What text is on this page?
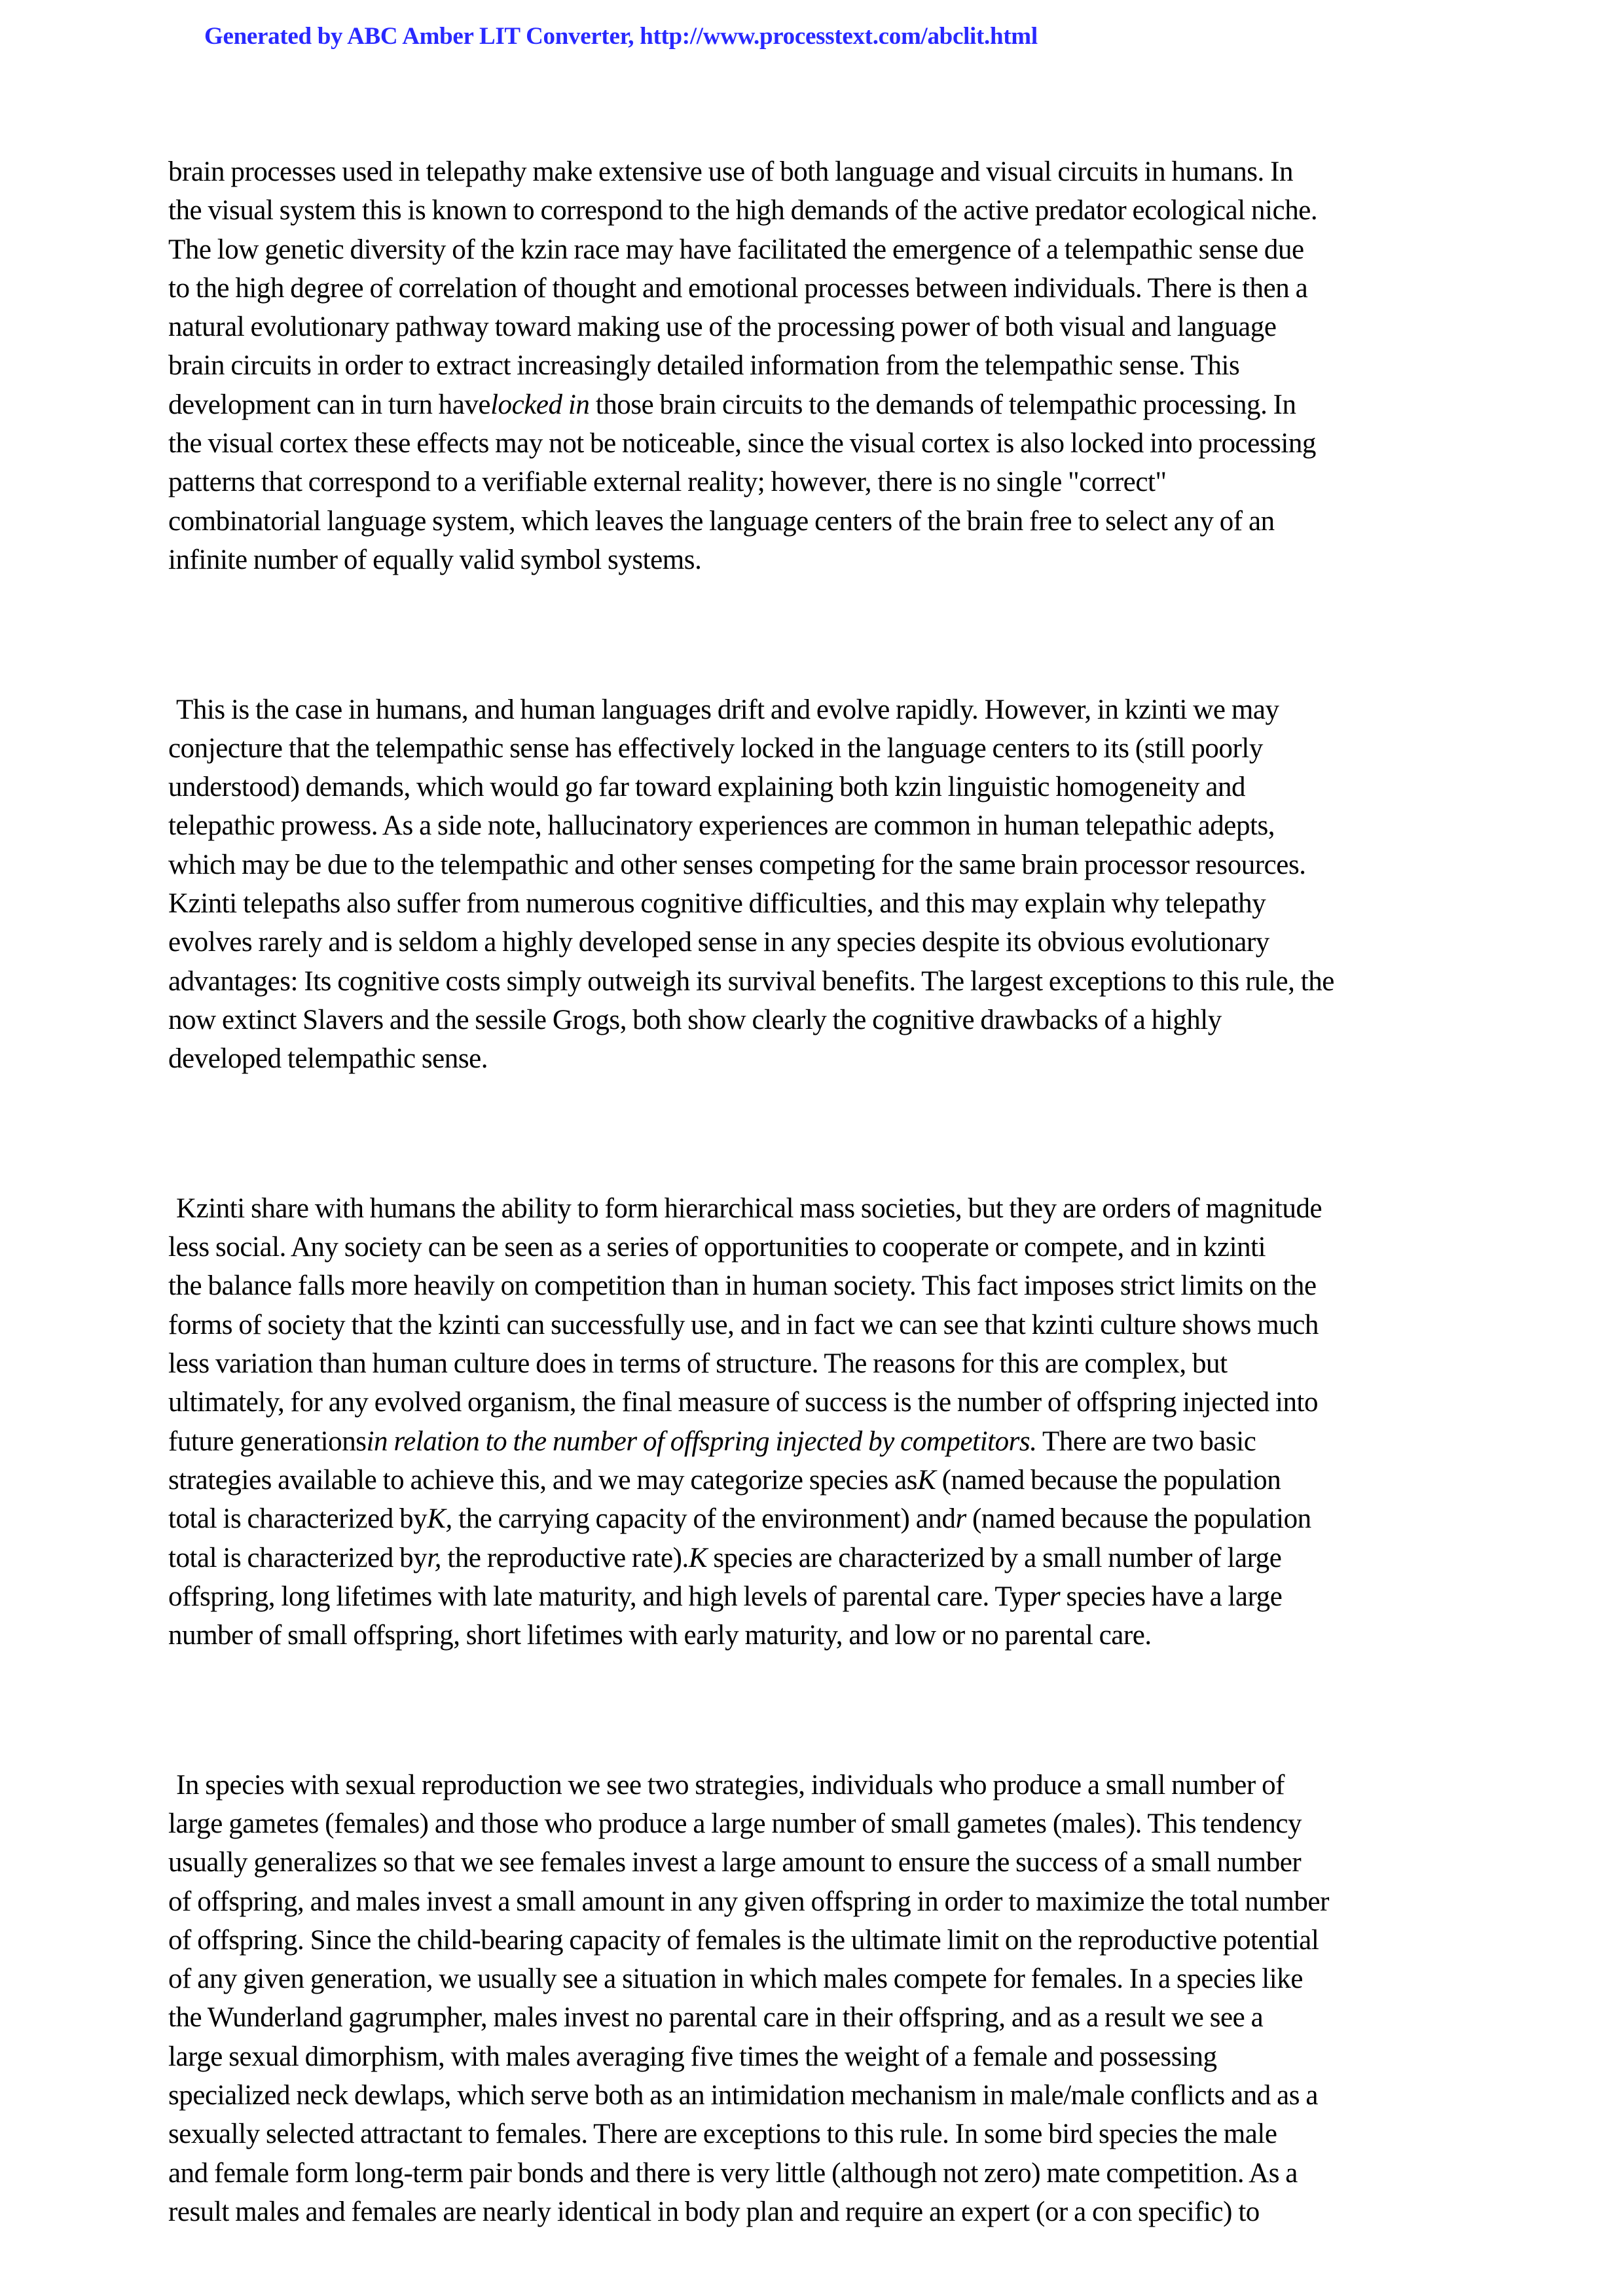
Generated by ABC Amber LIT Converter, http://www.processtext.com/abclit.html

brain processes used in telepathy make extensive use of both language and visual circuits in humans. In
the visual system this is known to correspond to the high demands of the active predator ecological niche.
The low genetic diversity of the kzin race may have facilitated the emergence of a telempathic sense due
to the high degree of correlation of thought and emotional processes between individuals. There is then a
natural evolutionary pathway toward making use of the processing power of both visual and language
brain circuits in order to extract increasingly detailed information from the telempathic sense. This
development can in turn havelocked in those brain circuits to the demands of telempathic processing. In
the visual cortex these effects may not be noticeable, since the visual cortex is also locked into processing
patterns that correspond to a verifiable external reality; however, there is no single "correct"
combinatorial language system, which leaves the language centers of the brain free to select any of an
infinite number of equally valid symbol systems.

This is the case in humans, and human languages drift and evolve rapidly. However, in kzinti we may
conjecture that the telempathic sense has effectively locked in the language centers to its (still poorly
understood) demands, which would go far toward explaining both kzin linguistic homogeneity and
telepathic prowess. As a side note, hallucinatory experiences are common in human telepathic adepts,
which may be due to the telempathic and other senses competing for the same brain processor resources.
Kzinti telepaths also suffer from numerous cognitive difficulties, and this may explain why telepathy
evolves rarely and is seldom a highly developed sense in any species despite its obvious evolutionary
advantages: Its cognitive costs simply outweigh its survival benefits. The largest exceptions to this rule, the
now extinct Slavers and the sessile Grogs, both show clearly the cognitive drawbacks of a highly
developed telempathic sense.

Kzinti share with humans the ability to form hierarchical mass societies, but they are orders of magnitude
less social. Any society can be seen as a series of opportunities to cooperate or compete, and in kzinti
the balance falls more heavily on competition than in human society. This fact imposes strict limits on the
forms of society that the kzinti can successfully use, and in fact we can see that kzinti culture shows much
less variation than human culture does in terms of structure. The reasons for this are complex, but
ultimately, for any evolved organism, the final measure of success is the number of offspring injected into
future generationsin relation to the number of offspring injected by competitors. There are two basic
strategies available to achieve this, and we may categorize species asK (named because the population
total is characterized byK, the carrying capacity of the environment) andr (named because the population
total is characterized byr, the reproductive rate).K species are characterized by a small number of large
offspring, long lifetimes with late maturity, and high levels of parental care. Typer species have a large
number of small offspring, short lifetimes with early maturity, and low or no parental care.

In species with sexual reproduction we see two strategies, individuals who produce a small number of
large gametes (females) and those who produce a large number of small gametes (males). This tendency
usually generalizes so that we see females invest a large amount to ensure the success of a small number
of offspring, and males invest a small amount in any given offspring in order to maximize the total number
of offspring. Since the child-bearing capacity of females is the ultimate limit on the reproductive potential
of any given generation, we usually see a situation in which males compete for females. In a species like
the Wunderland gagrumpher, males invest no parental care in their offspring, and as a result we see a
large sexual dimorphism, with males averaging five times the weight of a female and possessing
specialized neck dewlaps, which serve both as an intimidation mechanism in male/male conflicts and as a
sexually selected attractant to females. There are exceptions to this rule. In some bird species the male
and female form long-term pair bonds and there is very little (although not zero) mate competition. As a
result males and females are nearly identical in body plan and require an expert (or a con specific) to
